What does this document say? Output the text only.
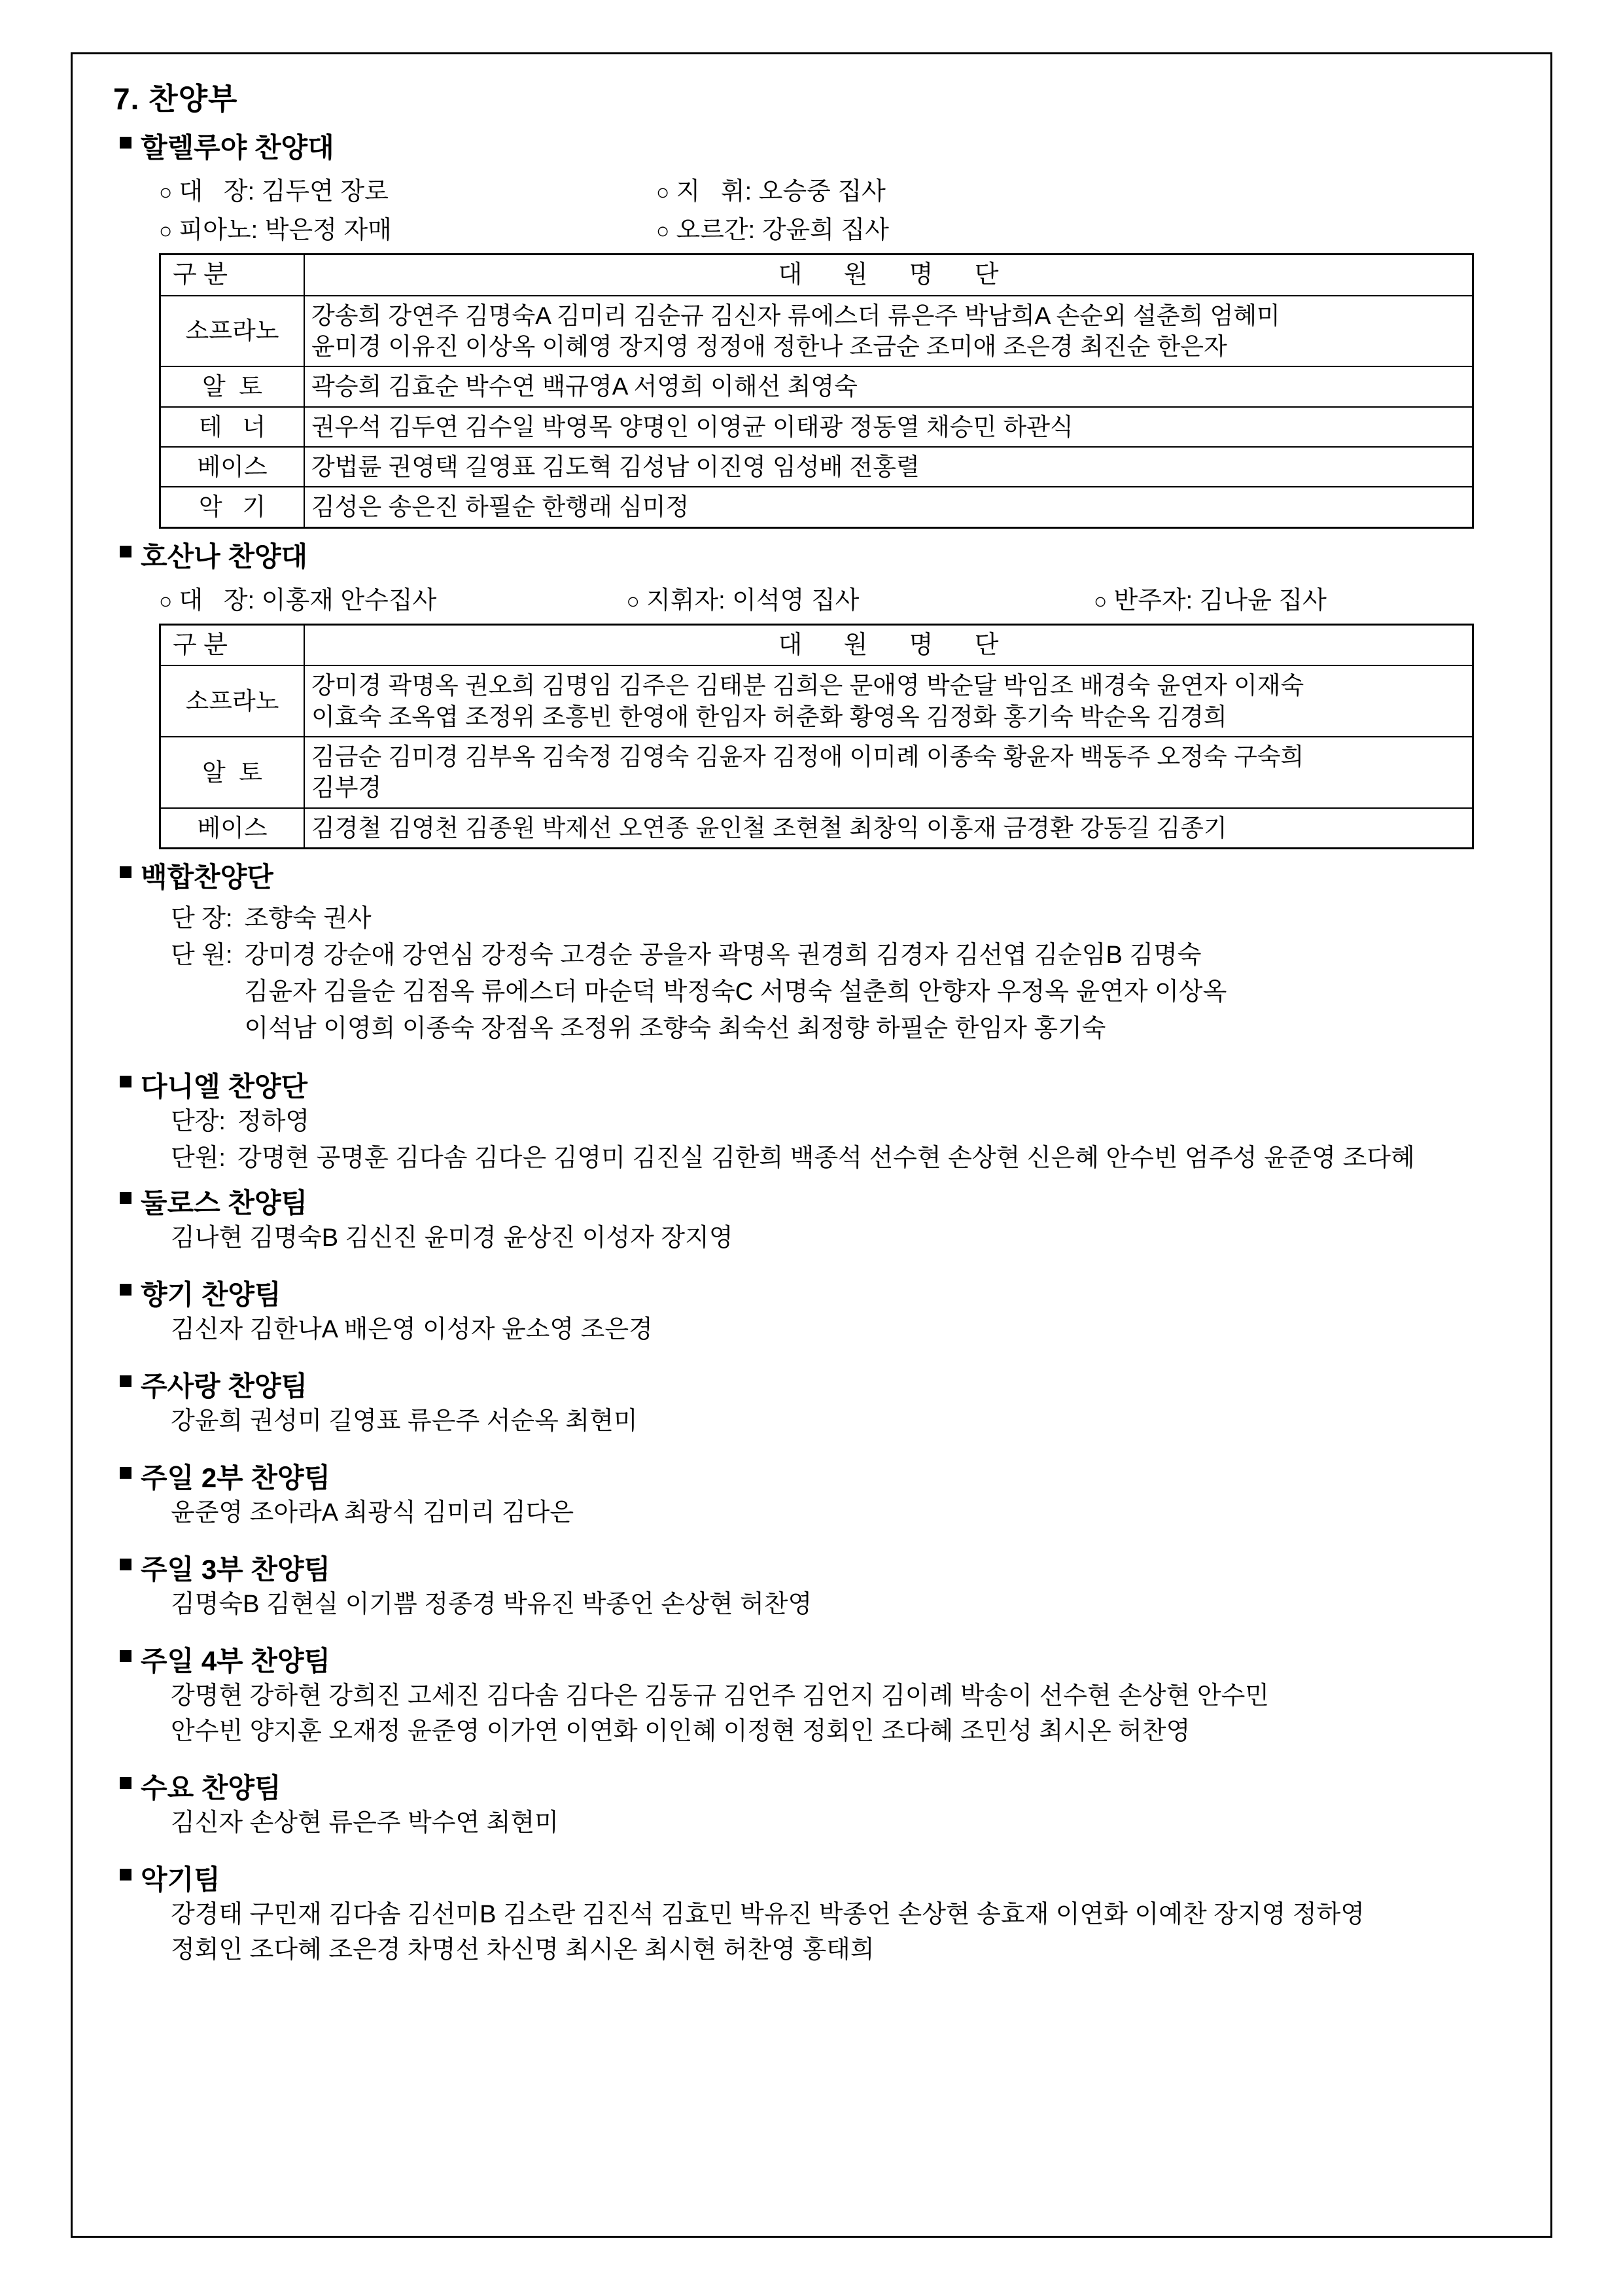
7. 찬양부
할렐루야 찬양대
○ 대   장: 김두연 장로	○ 지   휘: 오승중 집사
○ 피아노: 박은정 자매	○ 오르간: 강윤희 집사
구 분	대      원      명      단
소프라노	강송희 강연주 김명숙A 김미리 김순규 김신자 류에스더 류은주 박남희A 손순외 설춘희 엄혜미
윤미경 이유진 이상옥 이혜영 장지영 정정애 정한나 조금순 조미애 조은경 최진순 한은자

알  토	곽승희 김효순 박수연 백규영A 서영희 이해선 최영숙

테   너	권우석 김두연 김수일 박영목 양명인 이영균 이태광 정동열 채승민 하관식

베이스	강법륜 권영택 길영표 김도혁 김성남 이진영 임성배 전홍렬

악   기	김성은 송은진 하필순 한행래 심미정
호산나 찬양대
○ 대   장: 이홍재 안수집사	○ 지휘자: 이석영 집사	○ 반주자: 김나윤 집사
구 분	대      원      명      단
소프라노	강미경 곽명옥 권오희 김명임 김주은 김태분 김희은 문애영 박순달 박임조 배경숙 윤연자 이재숙
이효숙 조옥엽 조정위 조흥빈 한영애 한임자 허춘화 황영옥 김정화 홍기숙 박순옥 김경희

알  토	김금순 김미경 김부옥 김숙정 김영숙 김윤자 김정애 이미례 이종숙 황윤자 백동주 오정숙 구숙희
김부경

베이스	김경철 김영천 김종원 박제선 오연종 윤인철 조현철 최창익 이홍재 금경환 강동길 김종기
백합찬양단
단 장: 조향숙 권사
단 원: 강미경 강순애 강연심 강정숙 고경순 공을자 곽명옥 권경희 김경자 김선엽 김순임B 김명숙
김윤자 김을순 김점옥 류에스더 마순덕 박정숙C 서명숙 설춘희 안향자 우정옥 윤연자 이상옥
이석남 이영희 이종숙 장점옥 조정위 조향숙 최숙선 최정향 하필순 한임자 홍기숙
다니엘 찬양단
단장: 정하영
단원: 강명현 공명훈 김다솜 김다은 김영미 김진실 김한희 백종석 선수현 손상현 신은혜 안수빈 엄주성 윤준영 조다혜
둘로스 찬양팀
김나현 김명숙B 김신진 윤미경 윤상진 이성자 장지영
향기 찬양팀
김신자 김한나A 배은영 이성자 윤소영 조은경
주사랑 찬양팀
강윤희 권성미 길영표 류은주 서순옥 최현미
주일 2부 찬양팀
윤준영 조아라A 최광식 김미리 김다은
주일 3부 찬양팀
김명숙B 김현실 이기쁨 정종경 박유진 박종언 손상현 허찬영
주일 4부 찬양팀
강명현 강하현 강희진 고세진 김다솜 김다은 김동규 김언주 김언지 김이례 박송이 선수현 손상현 안수민
안수빈 양지훈 오재정 윤준영 이가연 이연화 이인혜 이정현 정회인 조다혜 조민성 최시온 허찬영
수요 찬양팀
김신자 손상현 류은주 박수연 최현미
악기팀
강경태 구민재 김다솜 김선미B 김소란 김진석 김효민 박유진 박종언 손상현 송효재 이연화 이예찬 장지영 정하영
정회인 조다혜 조은경 차명선 차신명 최시온 최시현 허찬영 홍태희
